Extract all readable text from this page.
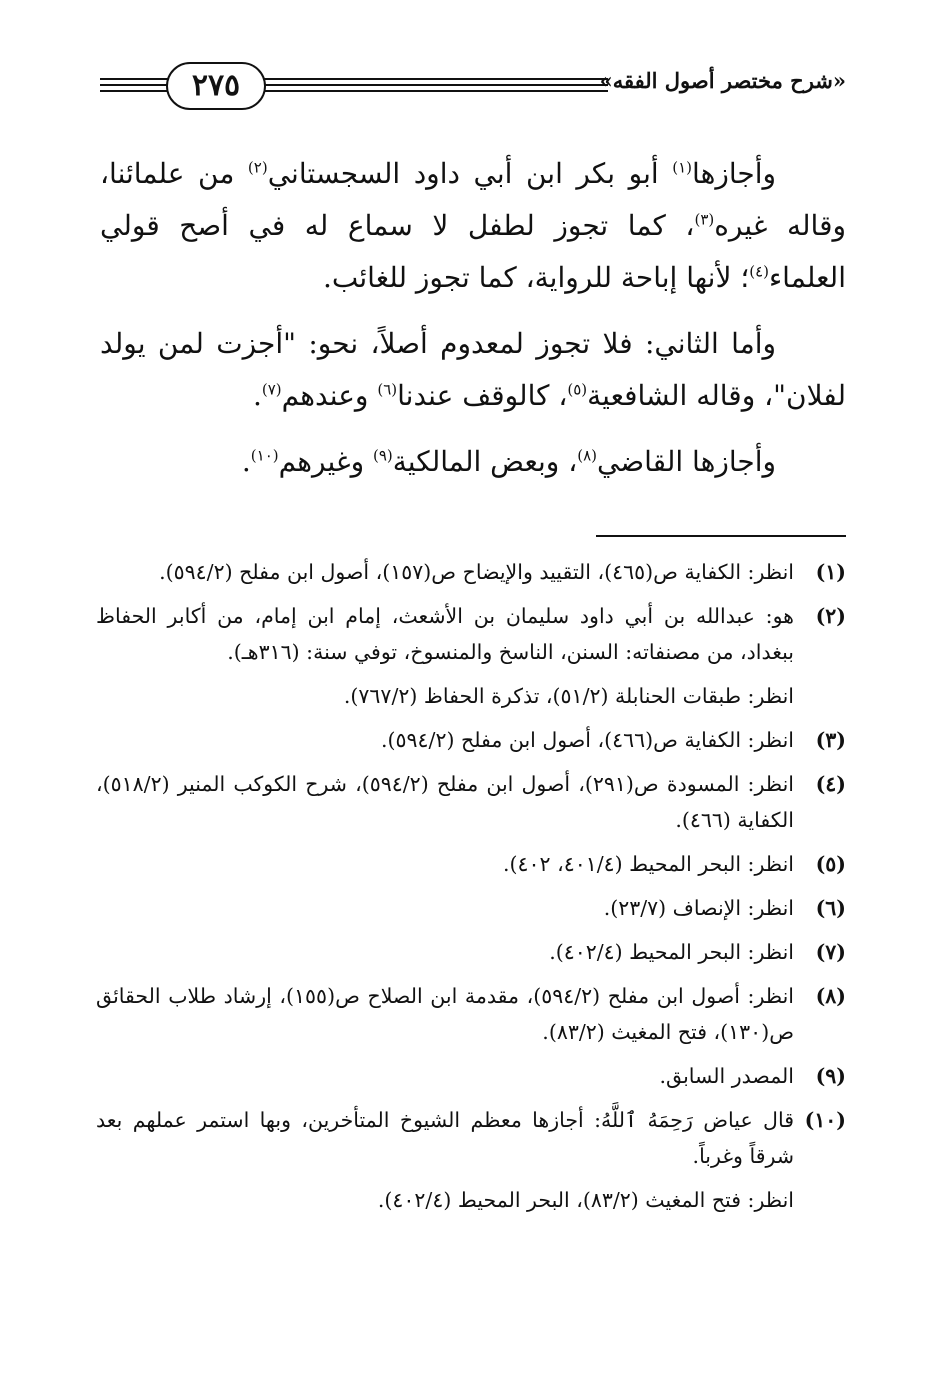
٢٧٥	«شرح مختصر أصول الفقه»

وأجازها$^{(١)}$ أبو بكر ابن أبي داود السجستاني$^{(٢)}$ من علمائنا، وقاله غيره$^{(٣)}$، كما تجوز لطفل لا سماع له في أصح قولي العلماء$^{(٤)}$؛ لأنها إباحة للرواية، كما تجوز للغائب.

وأما الثاني: فلا تجوز لمعدوم أصلاً، نحو: "أجزت لمن يولد لفلان"، وقاله الشافعية$^{(٥)}$، كالوقف عندنا$^{(٦)}$ وعندهم$^{(٧)}$.

وأجازها القاضي$^{(٨)}$، وبعض المالكية$^{(٩)}$ وغيرهم$^{(١٠)}$.

(١)
انظر: الكفاية ص(٤٦٥)، التقييد والإيضاح ص(١٥٧)، أصول ابن مفلح (٥٩٤/٢).
(٢)
هو: عبدالله بن أبي داود سليمان بن الأشعث، إمام ابن إمام، من أكابر الحفاظ ببغداد، من مصنفاته: السنن، الناسخ والمنسوخ، توفي سنة: (٣١٦هـ).
انظر: طبقات الحنابلة (٥١/٢)، تذكرة الحفاظ (٧٦٧/٢).
(٣)
انظر: الكفاية ص(٤٦٦)، أصول ابن مفلح (٥٩٤/٢).
(٤)
انظر: المسودة ص(٢٩١)، أصول ابن مفلح (٥٩٤/٢)، شرح الكوكب المنير (٥١٨/٢)، الكفاية (٤٦٦).
(٥)
انظر: البحر المحيط (٤٠١/٤، ٤٠٢).
(٦)
انظر: الإنصاف (٢٣/٧).
(٧)
انظر: البحر المحيط (٤٠٢/٤).
(٨)
انظر: أصول ابن مفلح (٥٩٤/٢)، مقدمة ابن الصلاح ص(١٥٥)، إرشاد طلاب الحقائق ص(١٣٠)، فتح المغيث (٨٣/٢).
(٩)
المصدر السابق.
(١٠)
قال عياض رَحِمَهُ ٱللَّهُ: أجازها معظم الشيوخ المتأخرين، وبها استمر عملهم بعد شرقاً وغرباً.
انظر: فتح المغيث (٨٣/٢)، البحر المحيط (٤٠٢/٤).
